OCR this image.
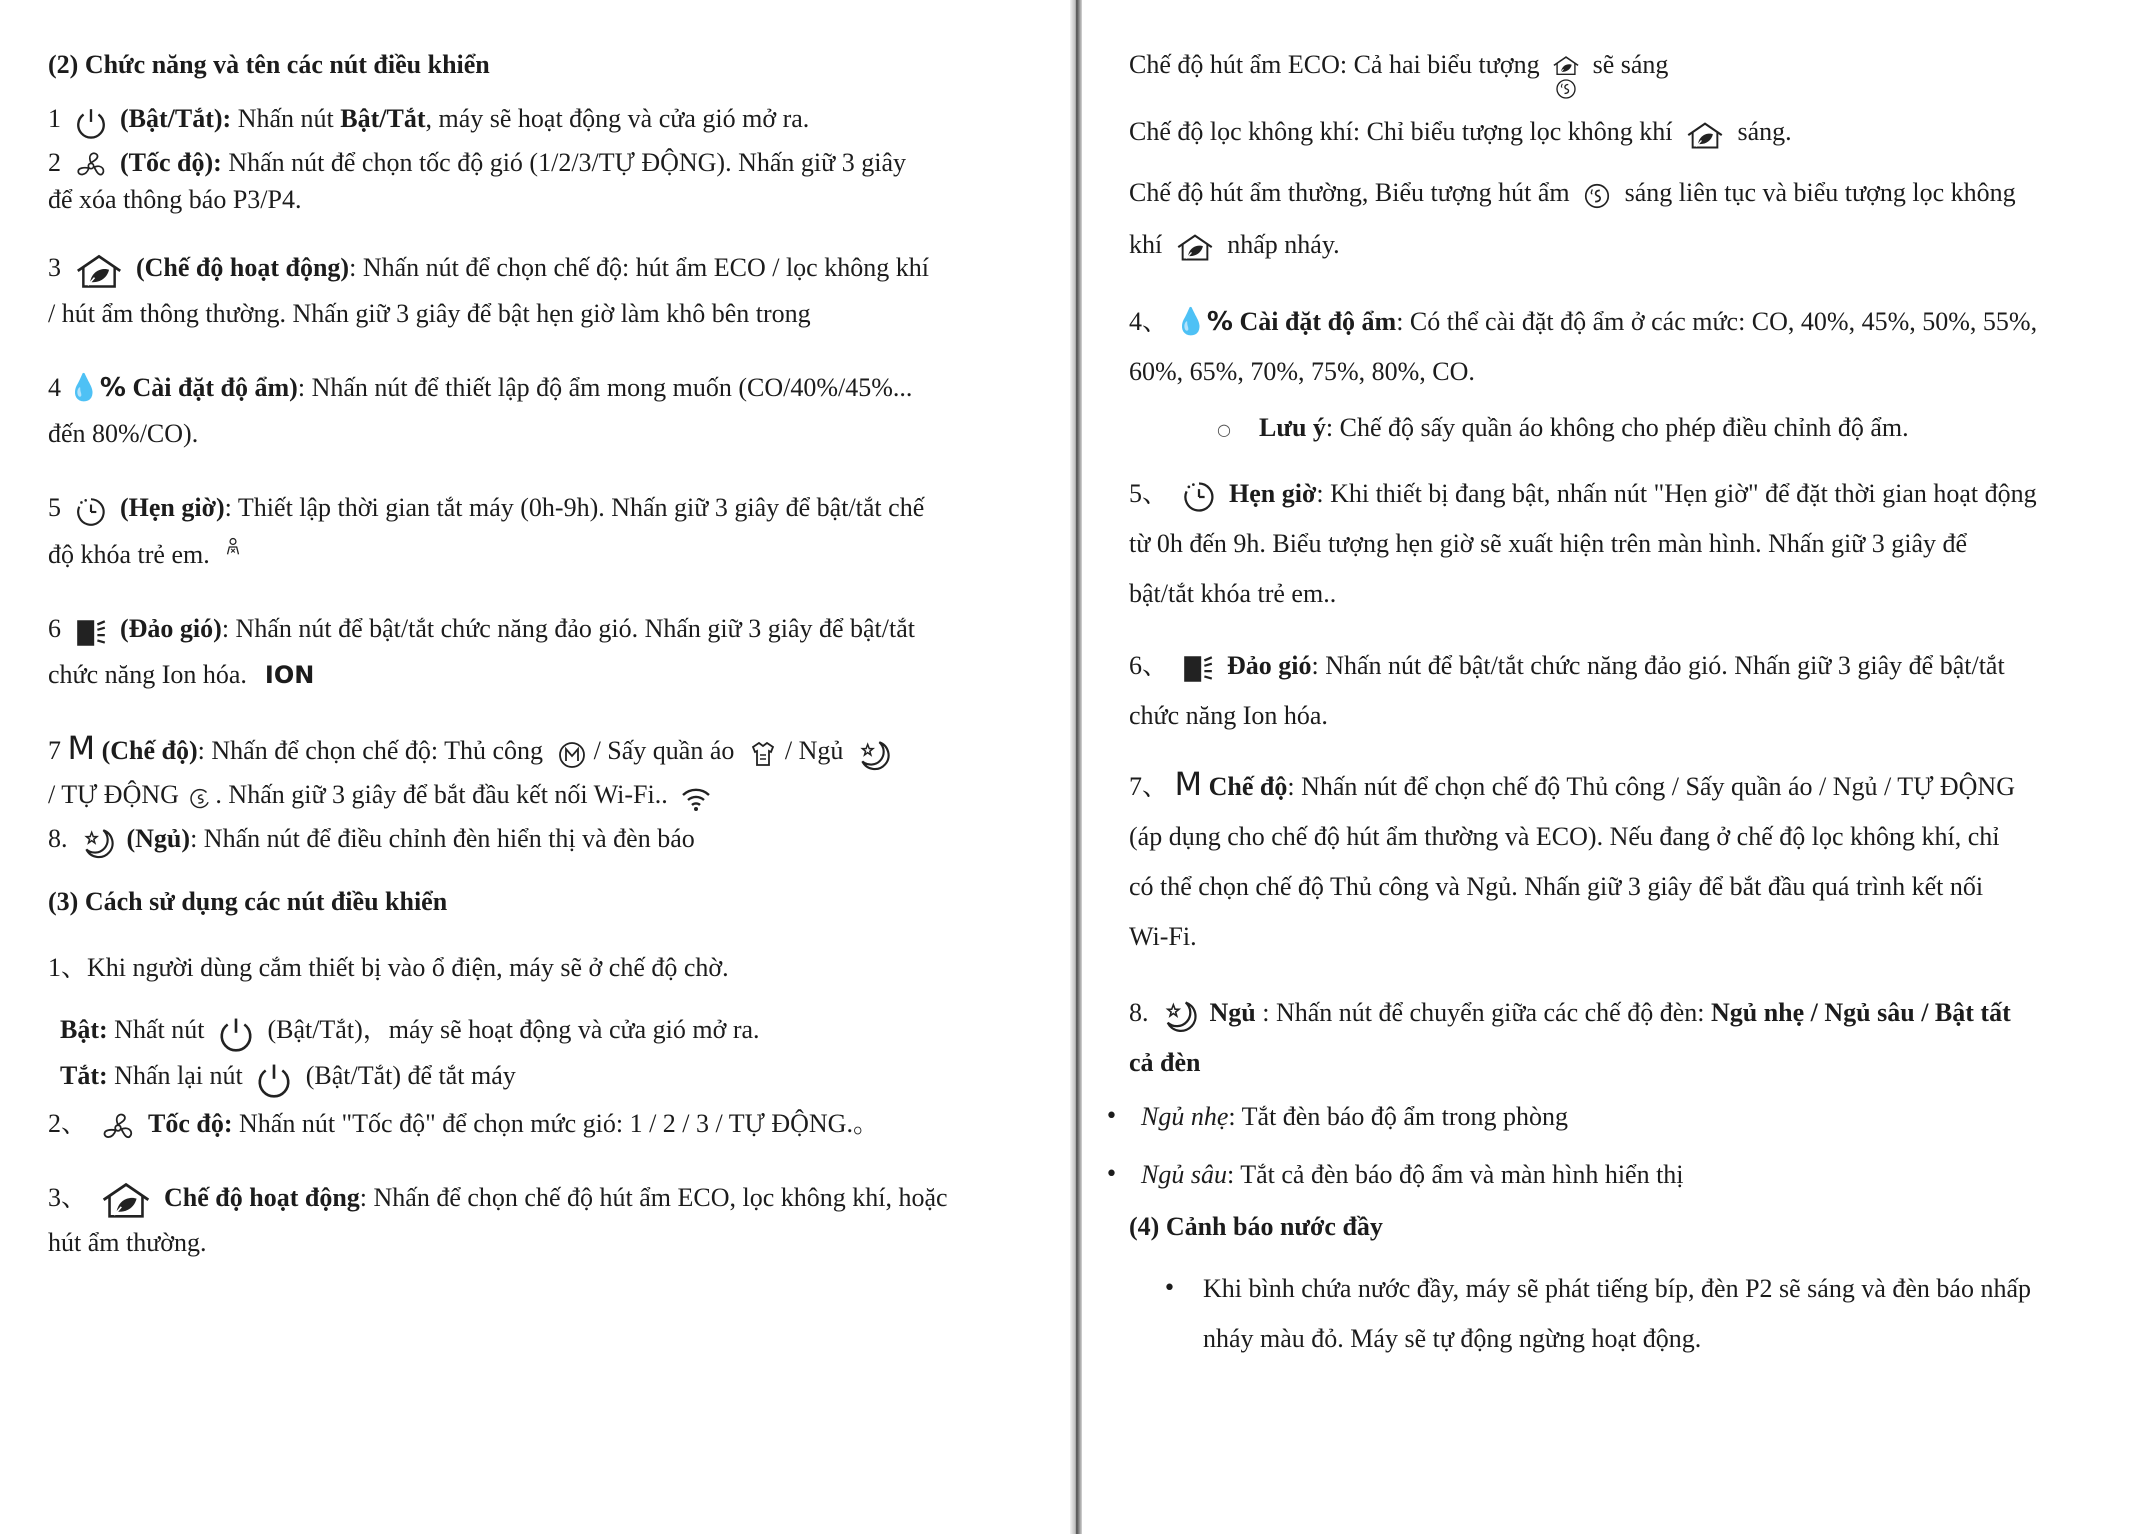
(2) Chức năng và tên các nút điều khiển

1 (Bật/Tắt): Nhấn nút Bật/Tắt, máy sẽ hoạt động và cửa gió mở ra.

2 (Tốc độ): Nhấn nút để chọn tốc độ gió (1/2/3/TỰ ĐỘNG). Nhấn giữ 3 giây
để xóa thông báo P3/P4.

3	(Chế độ hoạt động): Nhấn nút để chọn chế độ: hút ẩm ECO / lọc không khí
/ hút ẩm thông thường. Nhấn giữ 3 giây để bật hẹn giờ làm khô bên trong

4 💧% Cài đặt độ ẩm): Nhấn nút để thiết lập độ ẩm mong muốn (CO/40%/45%...
đến 80%/CO).

5 (Hẹn giờ): Thiết lập thời gian tắt máy (0h-9h). Nhấn giữ 3 giây để bật/tắt chế
độ khóa trẻ em.

6 (Đảo gió): Nhấn nút để bật/tắt chức năng đảo gió. Nhấn giữ 3 giây để bật/tắt
chức năng Ion hóa. ION

7 M (Chế độ): Nhấn để chọn chế độ: Thủ công / Sấy quần áo / Ngủ
/ TỰ ĐỘNG . Nhấn giữ 3 giây để bắt đầu kết nối Wi-Fi..

8. (Ngủ): Nhấn nút để điều chỉnh đèn hiển thị và đèn báo

(3) Cách sử dụng các nút điều khiển

1、Khi người dùng cắm thiết bị vào ổ điện, máy sẽ ở chế độ chờ.

Bật: Nhất nút (Bật/Tắt)，máy sẽ hoạt động và cửa gió mở ra.

Tắt: Nhấn lại nút (Bật/Tắt) để tắt máy

2、 Tốc độ: Nhấn nút "Tốc độ" để chọn mức gió: 1 / 2 / 3 / TỰ ĐỘNG.。

3、	Chế độ hoạt động: Nhấn để chọn chế độ hút ẩm ECO, lọc không khí, hoặc
hút ẩm thường.

Chế độ hút ẩm ECO: Cả hai biểu tượng sẽ sáng

Chế độ lọc không khí: Chỉ biểu tượng lọc không khí	sáng.

Chế độ hút ẩm thường, Biểu tượng hút ẩm sáng liên tục và biểu tượng lọc không
khí	nhấp nháy.

4、 💧% Cài đặt độ ẩm: Có thể cài đặt độ ẩm ở các mức: CO, 40%, 45%, 50%, 55%,
60%, 65%, 70%, 75%, 80%, CO.

○ Lưu ý: Chế độ sấy quần áo không cho phép điều chỉnh độ ẩm.

5、 Hẹn giờ: Khi thiết bị đang bật, nhấn nút "Hẹn giờ" để đặt thời gian hoạt động
từ 0h đến 9h. Biểu tượng hẹn giờ sẽ xuất hiện trên màn hình. Nhấn giữ 3 giây để
bật/tắt khóa trẻ em..

6、 Đảo gió: Nhấn nút để bật/tắt chức năng đảo gió. Nhấn giữ 3 giây để bật/tắt
chức năng Ion hóa.

7、 M Chế độ: Nhấn nút để chọn chế độ Thủ công / Sấy quần áo / Ngủ / TỰ ĐỘNG
(áp dụng cho chế độ hút ẩm thường và ECO). Nếu đang ở chế độ lọc không khí, chỉ
có thể chọn chế độ Thủ công và Ngủ. Nhấn giữ 3 giây để bắt đầu quá trình kết nối
Wi-Fi.

8. Ngủ : Nhấn nút để chuyển giữa các chế độ đèn: Ngủ nhẹ / Ngủ sâu / Bật tất
cả đèn

• Ngủ nhẹ: Tắt đèn báo độ ẩm trong phòng

• Ngủ sâu: Tắt cả đèn báo độ ẩm và màn hình hiển thị

(4) Cảnh báo nước đầy

• Khi bình chứa nước đầy, máy sẽ phát tiếng bíp, đèn P2 sẽ sáng và đèn báo nhấp
nháy màu đỏ. Máy sẽ tự động ngừng hoạt động.
